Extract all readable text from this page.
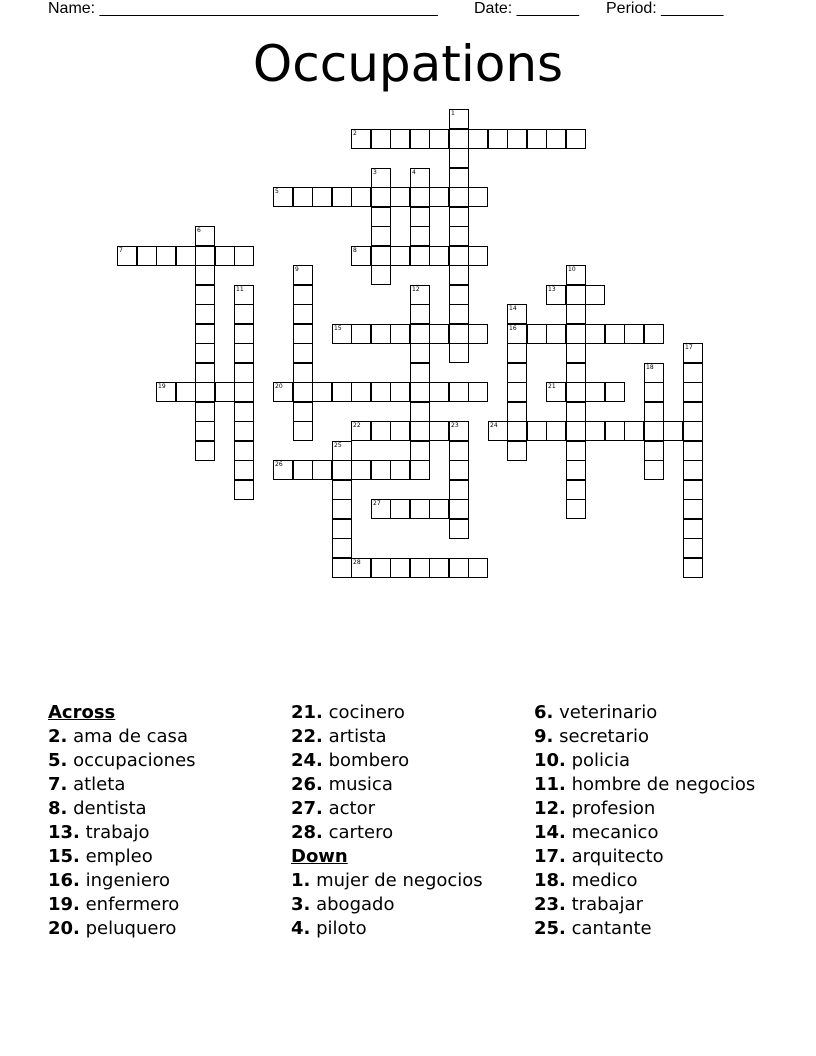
Name: ______________________________________ Date: _______ Period: _______
Occupations
2
5
7	8
13
15	16
19	20	21
22	23	24
26
27
28
1
3	4
6
9	10
11	12
14
17
18
25
Across
2. ama de casa
5. occupaciones
7. atleta
8. dentista
13. trabajo
15. empleo
16. ingeniero
19. enfermero
20. peluquero
21. cocinero
22. artista
24. bombero
26. musica
27. actor
28. cartero
Down
1. mujer de negocios
3. abogado
4. piloto
6. veterinario
9. secretario
10. policia
11. hombre de negocios
12. profesion
14. mecanico
17. arquitecto
18. medico
23. trabajar
25. cantante
